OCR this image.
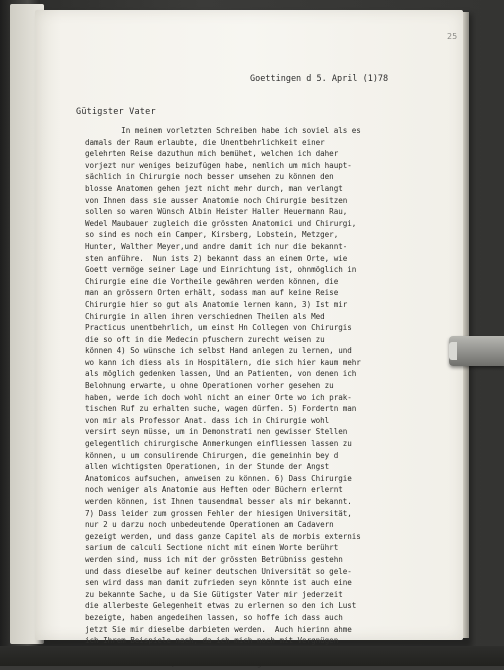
25
Goettingen d 5. April (1)78
Gütigster Vater
In meinem vorletzten Schreiben habe ich soviel als es
damals der Raum erlaubte, die Unentbehrlichkeit einer
gelehrten Reise dazuthun mich bemühet, welchen ich daher
vorjezt nur weniges beizufügen habe, nemlich um mich haupt-
sächlich in Chirurgie noch besser umsehen zu können den
blosse Anatomen gehen jezt nicht mehr durch, man verlangt
von Ihnen dass sie ausser Anatomie noch Chirurgie besitzen
sollen so waren Wünsch Albin Heister Haller Heuermann Rau,
Wedel Maubauer zugleich die grössten Anatomici und Chirurgi,
so sind es noch ein Camper, Kirsberg, Lobstein, Metzger,
Hunter, Walther Meyer,und andre damit ich nur die bekannt-
sten anführe.  Nun ists 2) bekannt dass an einem Orte, wie
Goett vermöge seiner Lage und Einrichtung ist, ohnmöglich in
Chirurgie eine die Vortheile gewähren werden können, die
man an grössern Orten erhält, sodass man auf keine Reise
Chirurgie hier so gut als Anatomie lernen kann, 3) Ist mir
Chirurgie in allen ihren verschiednen Theilen als Med
Practicus unentbehrlich, um einst Hn Collegen von Chirurgis
die so oft in die Medecin pfuschern zurecht weisen zu
können 4) So wünsche ich selbst Hand anlegen zu lernen, und
wo kann ich diess als in Hospitälern, die sich hier kaum mehr
als möglich gedenken lassen, Und an Patienten, von denen ich
Belohnung erwarte, u ohne Operationen vorher gesehen zu
haben, werde ich doch wohl nicht an einer Orte wo ich prak-
tischen Ruf zu erhalten suche, wagen dürfen. 5) Fordertn man
von mir als Professor Anat. dass ich in Chirurgie wohl
versirt seyn müsse, um in Demonstrati nen gewisser Stellen
gelegentlich chirurgische Anmerkungen einfliessen lassen zu
können, u um consulirende Chirurgen, die gemeinhin bey d
allen wichtigsten Operationen, in der Stunde der Angst
Anatomicos aufsuchen, anweisen zu können. 6) Dass Chirurgie
noch weniger als Anatomie aus Heften oder Büchern erlernt
werden können, ist Ihnen tausendmal besser als mir bekannt.
7) Dass leider zum grossen Fehler der hiesigen Universität,
nur 2 u darzu noch unbedeutende Operationen am Cadavern
gezeigt werden, und dass ganze Capitel als de morbis externis
sarium de calculi Sectione nicht mit einem Worte berührt
werden sind, muss ich mit der grössten Betrübniss gestehn
und dass dieselbe auf keiner deutschen Universität so gele-
sen wird dass man damit zufrieden seyn könnte ist auch eine
zu bekannte Sache, u da Sie Gütigster Vater mir jederzeit
die allerbeste Gelegenheit etwas zu erlernen so den ich Lust
bezeigte, haben angedeihen lassen, so hoffe ich dass auch
jetzt Sie mir dieselbe darbieten werden.  Auch hierinn ahme
ich Ihrem Beispiele nach, da ich mich noch mit Vergnügen
